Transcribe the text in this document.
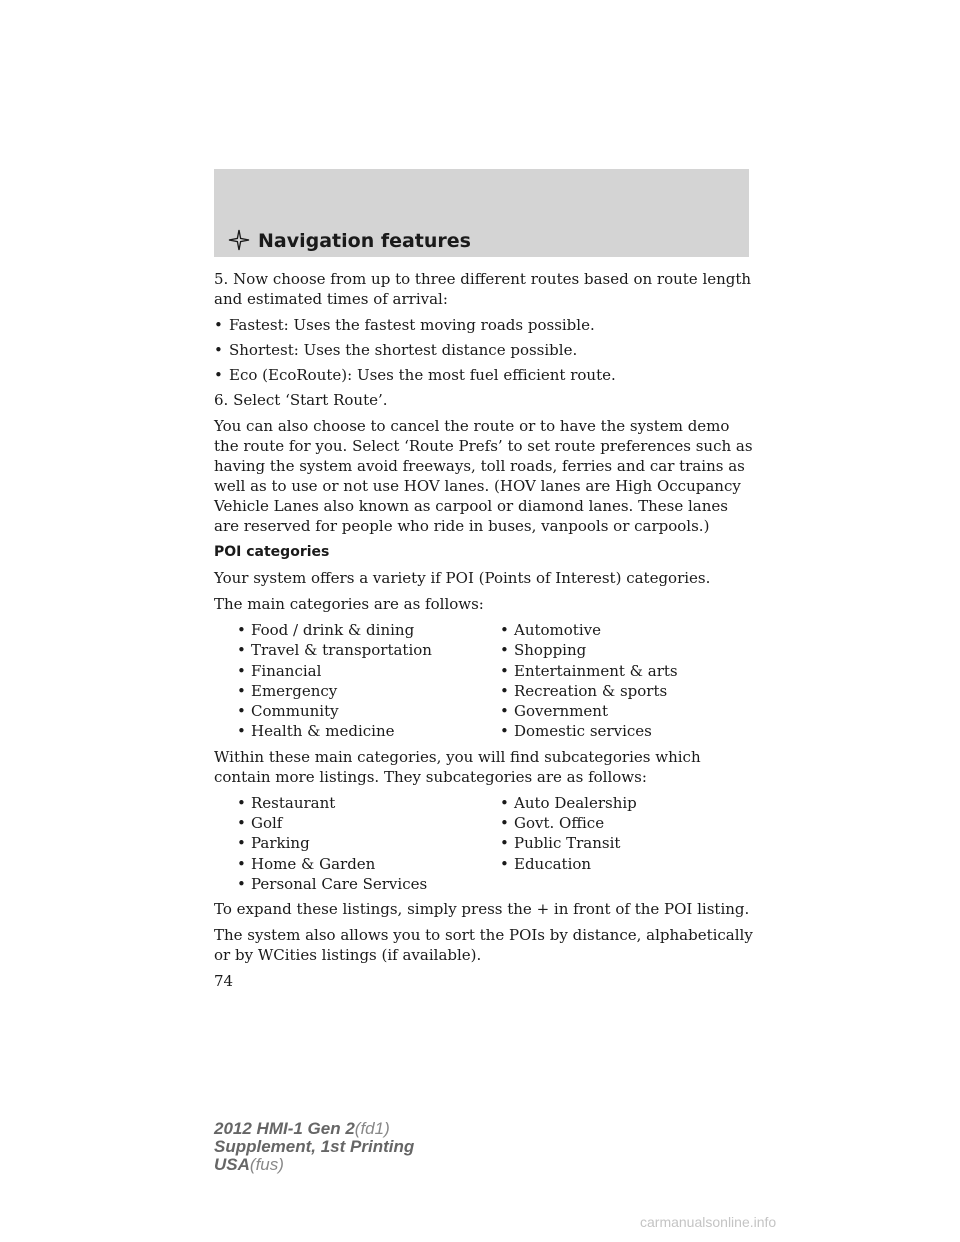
Navigation features

5. Now choose from up to three different routes based on route length and estimated times of arrival:

• Fastest: Uses the fastest moving roads possible.
• Shortest: Uses the shortest distance possible.
• Eco (EcoRoute): Uses the most fuel efficient route.

6. Select ‘Start Route’.

You can also choose to cancel the route or to have the system demo the route for you. Select ‘Route Prefs’ to set route preferences such as having the system avoid freeways, toll roads, ferries and car trains as well as to use or not use HOV lanes. (HOV lanes are High Occupancy Vehicle Lanes also known as carpool or diamond lanes. These lanes are reserved for people who ride in buses, vanpools or carpools.)

POI categories

Your system offers a variety if POI (Points of Interest) categories.

The main categories are as follows:

• Food / drink & dining	• Automotive
• Travel & transportation	• Shopping
• Financial	• Entertainment & arts
• Emergency	• Recreation & sports
• Community	• Government
• Health & medicine	• Domestic services

Within these main categories, you will find subcategories which contain more listings. They subcategories are as follows:

• Restaurant	• Auto Dealership
• Golf	• Govt. Office
• Parking	• Public Transit
• Home & Garden	• Education
• Personal Care Services

To expand these listings, simply press the + in front of the POI listing.

The system also allows you to sort the POIs by distance, alphabetically or by WCities listings (if available).

74
2012 HMI-1 Gen 2(fd1)
Supplement, 1st Printing
USA(fus)
carmanualsonline.info
